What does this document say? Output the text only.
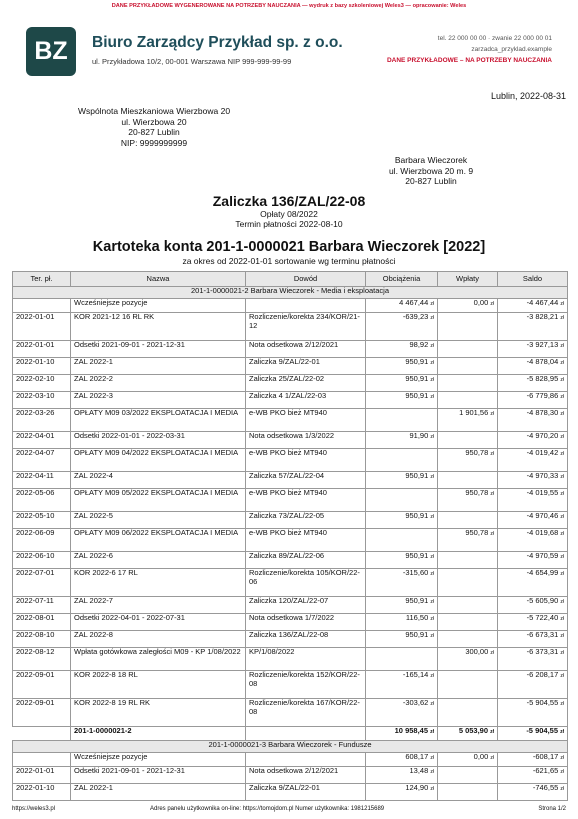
DANE PRZYKŁADOWE WYGENEROWANE NA POTRZEBY NAUCZANIA — wydruk z bazy szkoleniowej Weles3 — opracowanie: Weles
BZ	Biuro Zarządcy Przykład sp. z o.o.
ul. Przykładowa 10/2, 00-001 Warszawa NIP 999-999-99-99
tel. 22 000 00 00 · zwanie 22 000 00 01
zarzadca_przyklad.example
DANE PRZYKŁADOWE – NA POTRZEBY NAUCZANIA
Lublin, 2022-08-31
Wspólnota Mieszkaniowa Wierzbowa 20
ul. Wierzbowa 20
20-827 Lublin
NIP: 9999999999
Barbara Wieczorek
ul. Wierzbowa 20 m. 9
20-827 Lublin
Zaliczka 136/ZAL/22-08
Opłaty 08/2022
Termin płatności 2022-08-10
Kartoteka konta 201-1-0000021 Barbara Wieczorek [2022]
za okres od 2022-01-01 sortowanie wg terminu płatności
Ter. pł.	Nazwa	Dowód	Obciążenia	Wpłaty	Saldo
201-1-0000021-2 Barbara Wieczorek - Media i eksploatacja					
	Wcześniejsze pozycje		4 467,44 zł	0,00 zł	-4 467,44 zł
2022-01-01	KOR 2021-12 16 RL RK	Rozliczenie/korekta 234/KOR/21-12	-639,23 zł		-3 828,21 zł
2022-01-01	Odsetki 2021-09-01 - 2021-12-31	Nota odsetkowa 2/12/2021	98,92 zł		-3 927,13 zł
2022-01-10	ZAL 2022-1	Zaliczka 9/ZAL/22-01	950,91 zł		-4 878,04 zł
2022-02-10	ZAL 2022-2	Zaliczka 25/ZAL/22-02	950,91 zł		-5 828,95 zł
2022-03-10	ZAL 2022-3	Zaliczka 4 1/ZAL/22-03	950,91 zł		-6 779,86 zł
2022-03-26	OPŁATY M09 03/2022 EKSPLOATACJA I MEDIA	e-WB PKO bież MT940		1 901,56 zł	-4 878,30 zł
2022-04-01	Odsetki 2022-01-01 - 2022-03-31	Nota odsetkowa 1/3/2022	91,90 zł		-4 970,20 zł
2022-04-07	OPŁATY M09 04/2022 EKSPLOATACJA I MEDIA	e-WB PKO bież MT940		950,78 zł	-4 019,42 zł
2022-04-11	ZAL 2022-4	Zaliczka 57/ZAL/22-04	950,91 zł		-4 970,33 zł
2022-05-06	OPŁATY M09 05/2022 EKSPLOATACJA I MEDIA	e-WB PKO bież MT940		950,78 zł	-4 019,55 zł
2022-05-10	ZAL 2022-5	Zaliczka 73/ZAL/22-05	950,91 zł		-4 970,46 zł
2022-06-09	OPŁATY M09 06/2022 EKSPLOATACJA I MEDIA	e-WB PKO bież MT940		950,78 zł	-4 019,68 zł
2022-06-10	ZAL 2022-6	Zaliczka 89/ZAL/22-06	950,91 zł		-4 970,59 zł
2022-07-01	KOR 2022-6 17 RL	Rozliczenie/korekta 105/KOR/22-06	-315,60 zł		-4 654,99 zł
2022-07-11	ZAL 2022-7	Zaliczka 120/ZAL/22-07	950,91 zł		-5 605,90 zł
2022-08-01	Odsetki 2022-04-01 - 2022-07-31	Nota odsetkowa 1/7/2022	116,50 zł		-5 722,40 zł
2022-08-10	ZAL 2022-8	Zaliczka 136/ZAL/22-08	950,91 zł		-6 673,31 zł
2022-08-12	Wpłata gotówkowa zaległości M09 - KP 1/08/2022	KP/1/08/2022		300,00 zł	-6 373,31 zł
2022-09-01	KOR 2022-8 18 RL	Rozliczenie/korekta 152/KOR/22-08	-165,14 zł		-6 208,17 zł
2022-09-01	KOR 2022-8 19 RL RK	Rozliczenie/korekta 167/KOR/22-08	-303,62 zł		-5 904,55 zł
	201-1-0000021-2		10 958,45 zł	5 053,90 zł	-5 904,55 zł
201-1-0000021-3 Barbara Wieczorek - Fundusze					
	Wcześniejsze pozycje		608,17 zł	0,00 zł	-608,17 zł
2022-01-01	Odsetki 2021-09-01 - 2021-12-31	Nota odsetkowa 2/12/2021	13,48 zł		-621,65 zł
2022-01-10	ZAL 2022-1	Zaliczka 9/ZAL/22-01	124,90 zł		-746,55 zł
https://weles3.pl	Adres panelu użytkownika on-line: https://tomojdom.pl Numer użytkownika: 1981215689	Strona 1/2
